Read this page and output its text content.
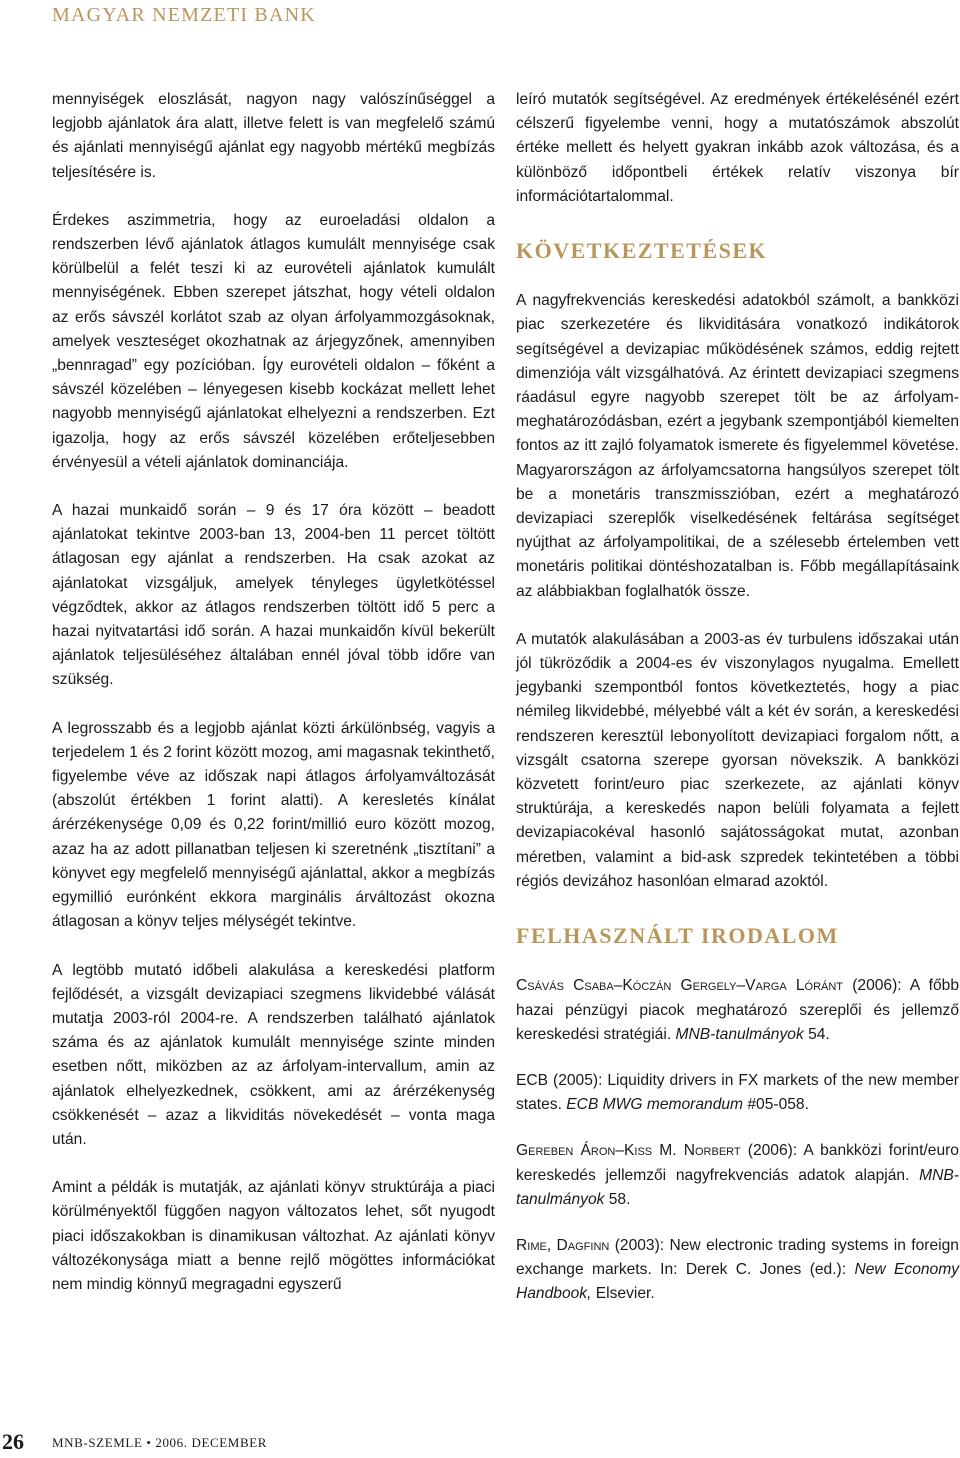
MAGYAR NEMZETI BANK

mennyiségek eloszlását, nagyon nagy valószínűséggel a legjobb ajánlatok ára alatt, illetve felett is van megfelelő számú és ajánlati mennyiségű ajánlat egy nagyobb mértékű megbízás teljesítésére is.

Érdekes aszimmetria, hogy az euroeladási oldalon a rendszerben lévő ajánlatok átlagos kumulált mennyisége csak körülbelül a felét teszi ki az eurovételi ajánlatok kumulált mennyiségének. Ebben szerepet játszhat, hogy vételi oldalon az erős sávszél korlátot szab az olyan árfolyammozgásoknak, amelyek veszteséget okozhatnak az árjegyzőnek, amennyiben „bennragad” egy pozícióban. Így eurovételi oldalon – főként a sávszél közelében – lényegesen kisebb kockázat mellett lehet nagyobb mennyiségű ajánlatokat elhelyezni a rendszerben. Ezt igazolja, hogy az erős sávszél közelében erőteljesebben érvényesül a vételi ajánlatok dominanciája.

A hazai munkaidő során – 9 és 17 óra között – beadott ajánlatokat tekintve 2003-ban 13, 2004-ben 11 percet töltött átlagosan egy ajánlat a rendszerben. Ha csak azokat az ajánlatokat vizsgáljuk, amelyek tényleges ügyletkötéssel végződtek, akkor az átlagos rendszerben töltött idő 5 perc a hazai nyitvatartási idő során. A hazai munkaidőn kívül bekerült ajánlatok teljesüléséhez általában ennél jóval több időre van szükség.

A legrosszabb és a legjobb ajánlat közti árkülönbség, vagyis a terjedelem 1 és 2 forint között mozog, ami magasnak tekinthető, figyelembe véve az időszak napi átlagos árfolyamváltozását (abszolút értékben 1 forint alatti). A keresletés kínálat árérzékenysége 0,09 és 0,22 forint/millió euro között mozog, azaz ha az adott pillanatban teljesen ki szeretnénk „tisztítani” a könyvet egy megfelelő mennyiségű ajánlattal, akkor a megbízás egymillió eurónként ekkora marginális árváltozást okozna átlagosan a könyv teljes mélységét tekintve.

A legtöbb mutató időbeli alakulása a kereskedési platform fejlődését, a vizsgált devizapiaci szegmens likvidebbé válását mutatja 2003-ról 2004-re. A rendszerben található ajánlatok száma és az ajánlatok kumulált mennyisége szinte minden esetben nőtt, miközben az az árfolyam-intervallum, amin az ajánlatok elhelyezkednek, csökkent, ami az árérzékenység csökkenését – azaz a likviditás növekedését – vonta maga után.

Amint a példák is mutatják, az ajánlati könyv struktúrája a piaci körülményektől függően nagyon változatos lehet, sőt nyugodt piaci időszakokban is dinamikusan változhat. Az ajánlati könyv változékonysága miatt a benne rejlő mögöttes információkat nem mindig könnyű megragadni egyszerű

leíró mutatók segítségével. Az eredmények értékelésénél ezért célszerű figyelembe venni, hogy a mutatószámok abszolút értéke mellett és helyett gyakran inkább azok változása, és a különböző időpontbeli értékek relatív viszonya bír információtartalommal.

KÖVETKEZTETÉSEK

A nagyfrekvenciás kereskedési adatokból számolt, a bankközi piac szerkezetére és likviditására vonatkozó indikátorok segítségével a devizapiac működésének számos, eddig rejtett dimenziója vált vizsgálhatóvá. Az érintett devizapiaci szegmens ráadásul egyre nagyobb szerepet tölt be az árfolyam-meghatározódásban, ezért a jegybank szempontjából kiemelten fontos az itt zajló folyamatok ismerete és figyelemmel követése. Magyarországon az árfolyamcsatorna hangsúlyos szerepet tölt be a monetáris transzmisszióban, ezért a meghatározó devizapiaci szereplők viselkedésének feltárása segítséget nyújthat az árfolyampolitikai, de a szélesebb értelemben vett monetáris politikai döntéshozatalban is. Főbb megállapításaink az alábbiakban foglalhatók össze.

A mutatók alakulásában a 2003-as év turbulens időszakai után jól tükröződik a 2004-es év viszonylagos nyugalma. Emellett jegybanki szempontból fontos következtetés, hogy a piac némileg likvidebbé, mélyebbé vált a két év során, a kereskedési rendszeren keresztül lebonyolított devizapiaci forgalom nőtt, a vizsgált csatorna szerepe gyorsan növekszik. A bankközi közvetett forint/euro piac szerkezete, az ajánlati könyv struktúrája, a kereskedés napon belüli folyamata a fejlett devizapiacokéval hasonló sajátosságokat mutat, azonban méretben, valamint a bid-ask szpredek tekintetében a többi régiós devizához hasonlóan elmarad azoktól.

FELHASZNÁLT IRODALOM

Csávás Csaba–Kóczán Gergely–Varga Lóránt (2006): A főbb hazai pénzügyi piacok meghatározó szereplői és jellemző kereskedési stratégiái. MNB-tanulmányok 54.

ECB (2005): Liquidity drivers in FX markets of the new member states. ECB MWG memorandum #05-058.

Gereben Áron–Kiss M. Norbert (2006): A bankközi forint/euro kereskedés jellemzői nagyfrekvenciás adatok alapján. MNB-tanulmányok 58.

Rime, Dagfinn (2003): New electronic trading systems in foreign exchange markets. In: Derek C. Jones (ed.): New Economy Handbook, Elsevier.

26 MNB-SZEMLE • 2006. DECEMBER
